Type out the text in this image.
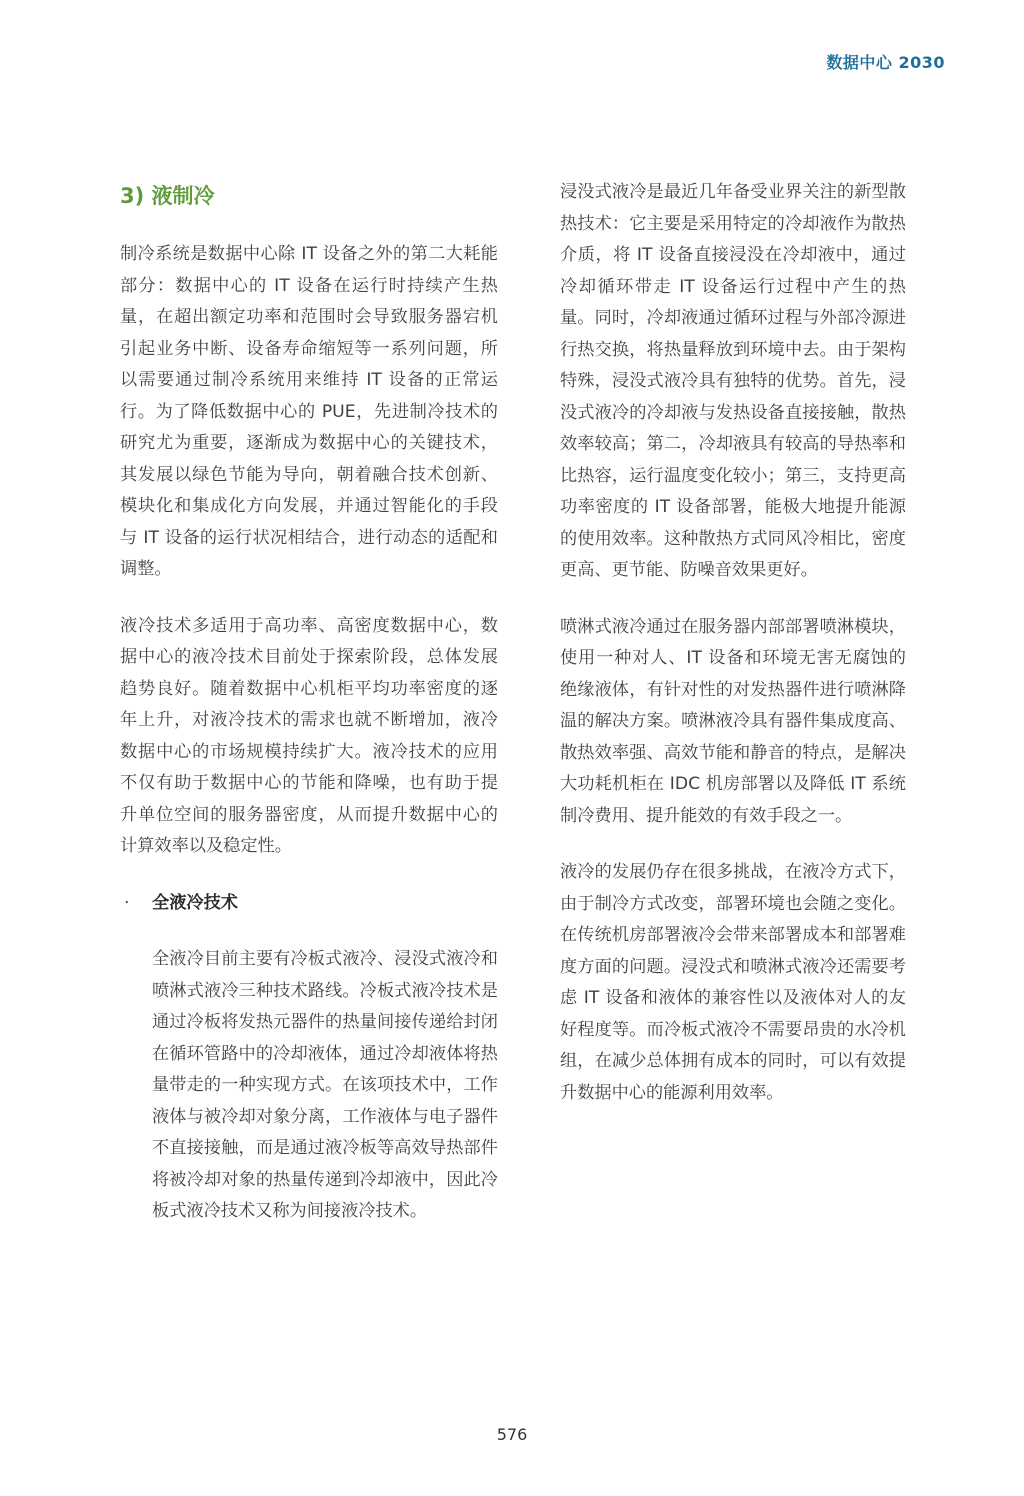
数据中心 2030
3) 液制冷

制冷系统是数据中心除 IT 设备之外的第二大耗能部分：数据中心的 IT 设备在运行时持续产生热量，在超出额定功率和范围时会导致服务器宕机引起业务中断、设备寿命缩短等一系列问题，所以需要通过制冷系统用来维持 IT 设备的正常运行。为了降低数据中心的 PUE，先进制冷技术的研究尤为重要，逐渐成为数据中心的关键技术，其发展以绿色节能为导向，朝着融合技术创新、模块化和集成化方向发展，并通过智能化的手段与 IT 设备的运行状况相结合，进行动态的适配和调整。

液冷技术多适用于高功率、高密度数据中心，数据中心的液冷技术目前处于探索阶段，总体发展趋势良好。随着数据中心机柜平均功率密度的逐年上升，对液冷技术的需求也就不断增加，液冷数据中心的市场规模持续扩大。液冷技术的应用不仅有助于数据中心的节能和降噪，也有助于提升单位空间的服务器密度，从而提升数据中心的计算效率以及稳定性。

· 全液冷技术

全液冷目前主要有冷板式液冷、浸没式液冷和喷淋式液冷三种技术路线。冷板式液冷技术是通过冷板将发热元器件的热量间接传递给封闭在循环管路中的冷却液体，通过冷却液体将热量带走的一种实现方式。在该项技术中，工作液体与被冷却对象分离，工作液体与电子器件不直接接触，而是通过液冷板等高效导热部件将被冷却对象的热量传递到冷却液中，因此冷板式液冷技术又称为间接液冷技术。

浸没式液冷是最近几年备受业界关注的新型散热技术：它主要是采用特定的冷却液作为散热介质，将 IT 设备直接浸没在冷却液中，通过冷却循环带走 IT 设备运行过程中产生的热量。同时，冷却液通过循环过程与外部冷源进行热交换，将热量释放到环境中去。由于架构特殊，浸没式液冷具有独特的优势。首先，浸没式液冷的冷却液与发热设备直接接触，散热效率较高；第二，冷却液具有较高的导热率和比热容，运行温度变化较小；第三，支持更高功率密度的 IT 设备部署，能极大地提升能源的使用效率。这种散热方式同风冷相比，密度更高、更节能、防噪音效果更好。

喷淋式液冷通过在服务器内部部署喷淋模块，使用一种对人、IT 设备和环境无害无腐蚀的绝缘液体，有针对性的对发热器件进行喷淋降温的解决方案。喷淋液冷具有器件集成度高、散热效率强、高效节能和静音的特点，是解决大功耗机柜在 IDC 机房部署以及降低 IT 系统制冷费用、提升能效的有效手段之一。

液冷的发展仍存在很多挑战，在液冷方式下，由于制冷方式改变，部署环境也会随之变化。在传统机房部署液冷会带来部署成本和部署难度方面的问题。浸没式和喷淋式液冷还需要考虑 IT 设备和液体的兼容性以及液体对人的友好程度等。而冷板式液冷不需要昂贵的水冷机组，在减少总体拥有成本的同时，可以有效提升数据中心的能源利用效率。

576
